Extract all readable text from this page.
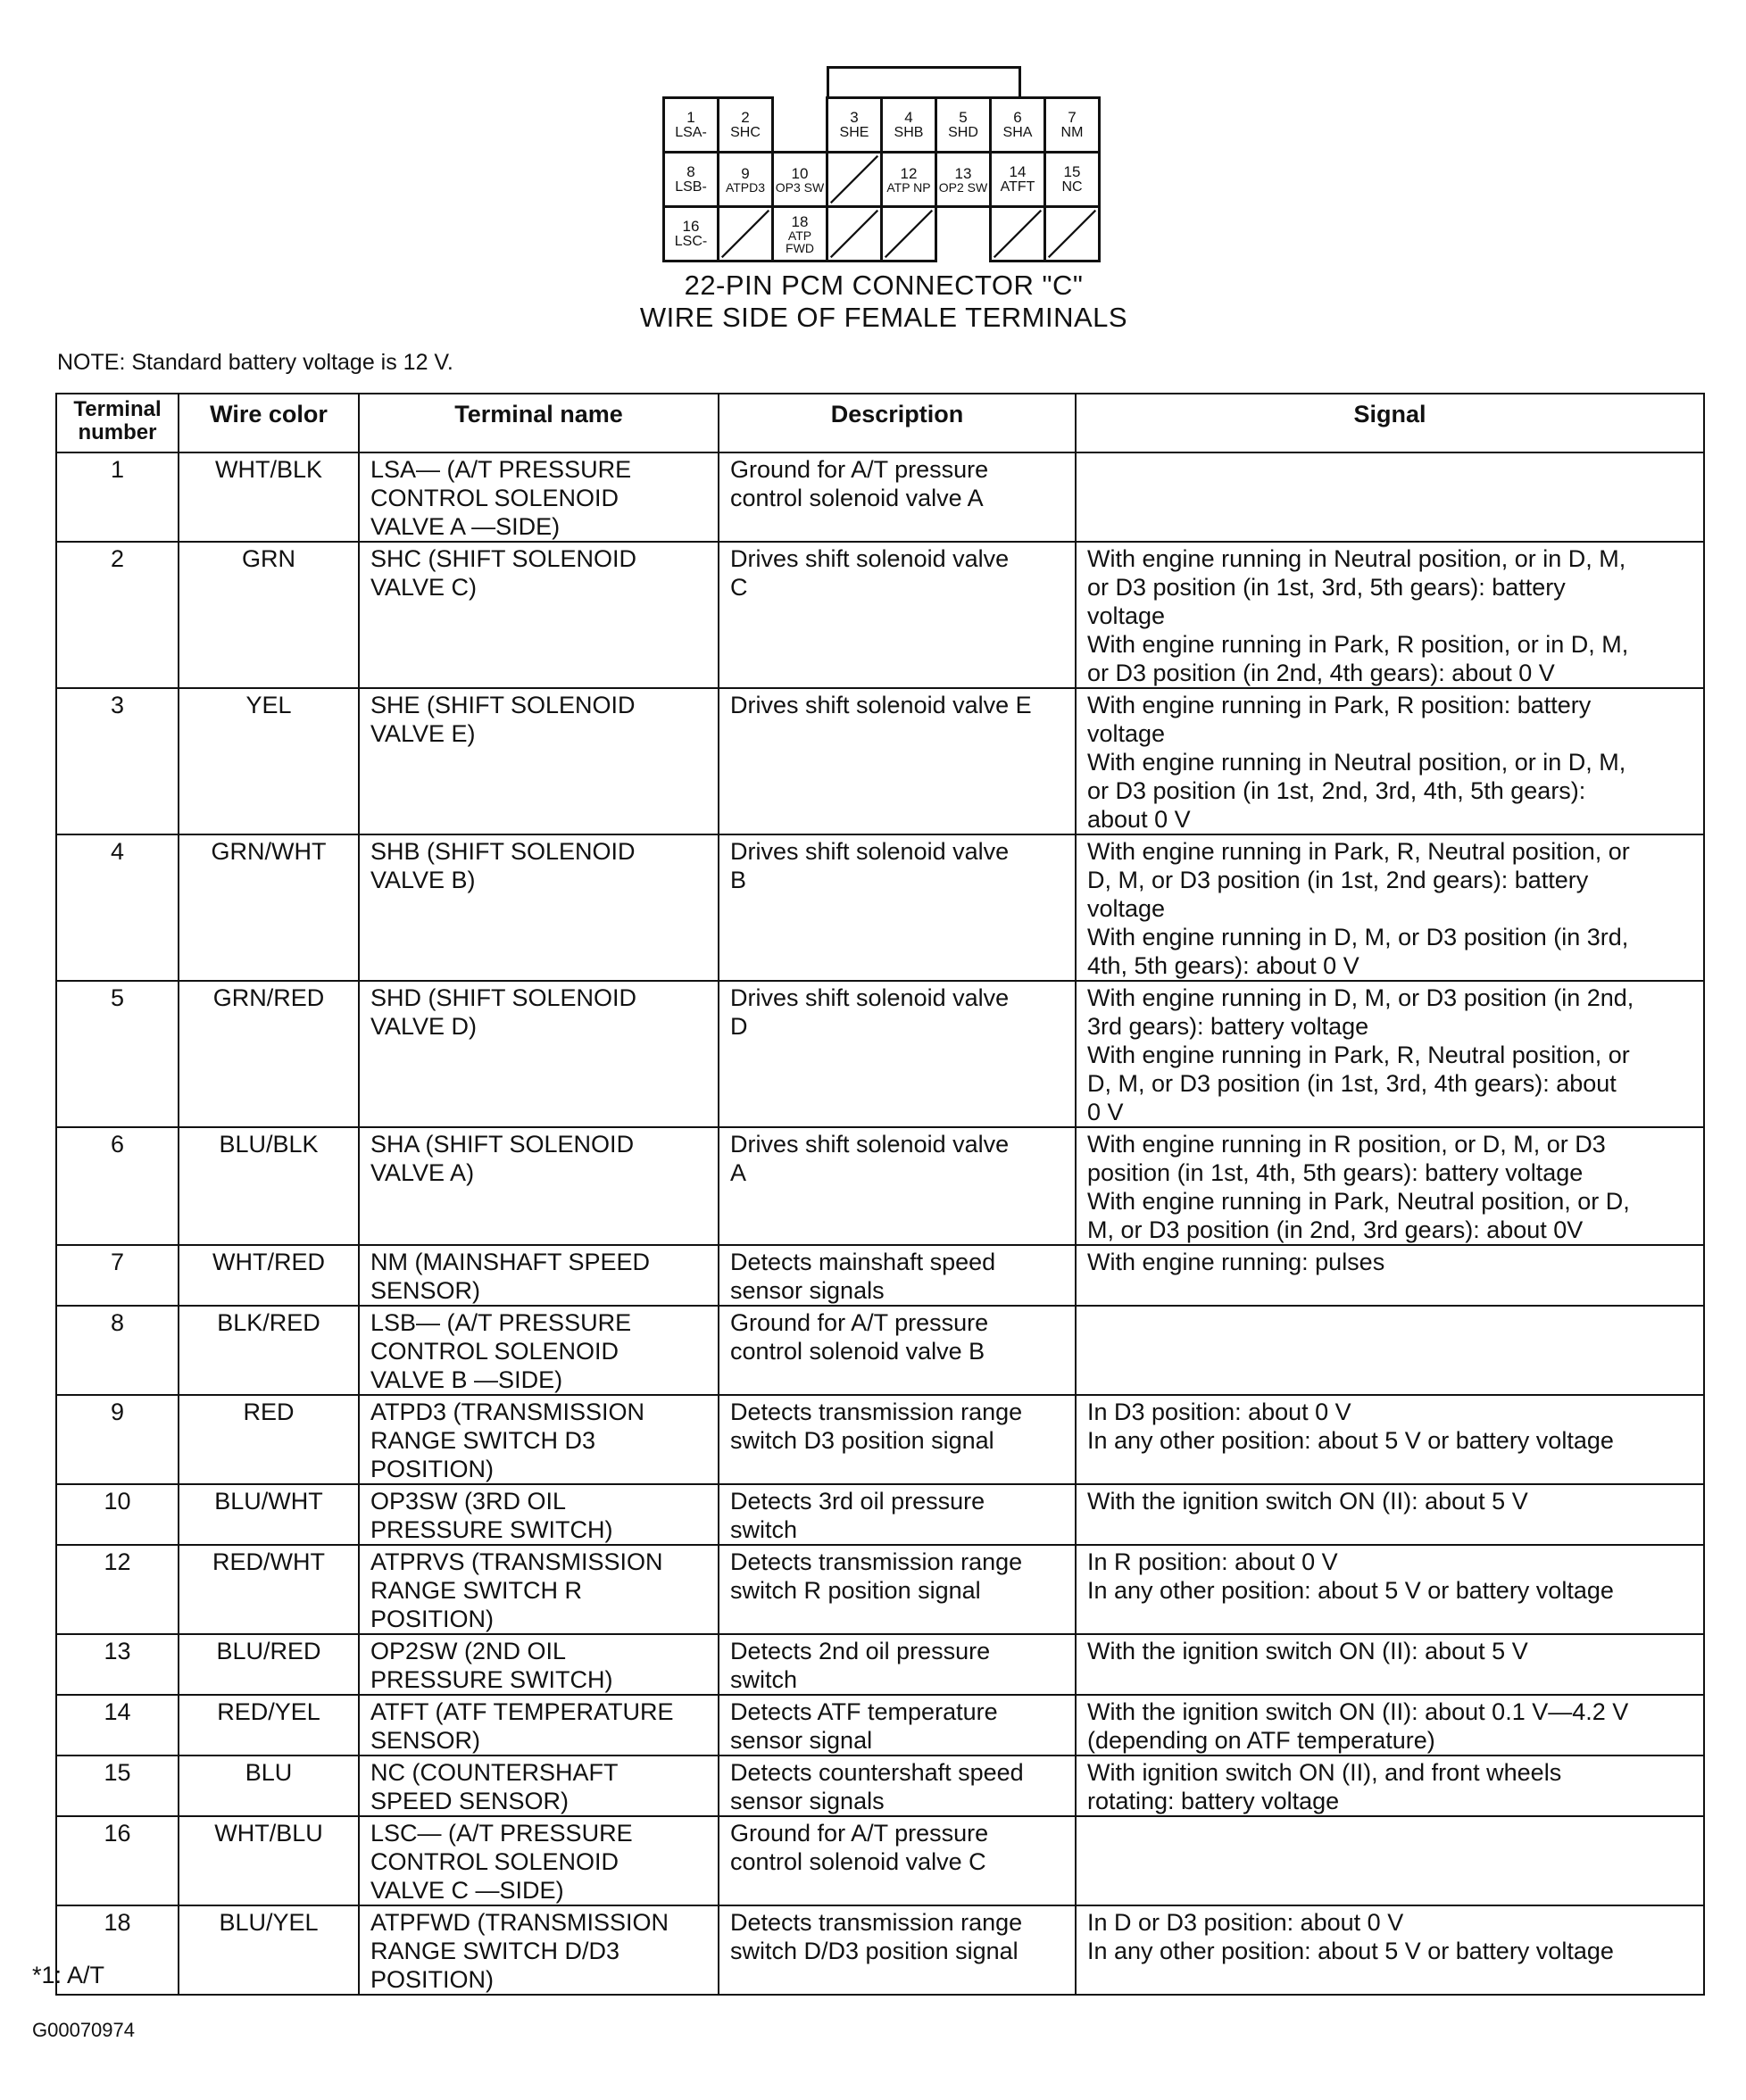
1
LSA-
2
SHC
3
SHE
4
SHB
5
SHD
6
SHA
7
NM
8
LSB-
9
ATPD3
10
OP3 SW
12
ATP NP
13
OP2 SW
14
ATFT
15
NC
16
LSC-
18
ATP FWD
22-PIN PCM CONNECTOR "C"
WIRE SIDE OF FEMALE TERMINALS
NOTE: Standard battery voltage is 12 V.
Terminal number	Wire color	Terminal name	Description	Signal
1	WHT/BLK	LSA— (A/T PRESSURE
CONTROL SOLENOID
VALVE A —SIDE)	Ground for A/T pressure
control solenoid valve A	

2	GRN	SHC (SHIFT SOLENOID
VALVE C)	Drives shift solenoid valve
C	With engine running in Neutral position, or in D, M,
or D3 position (in 1st, 3rd, 5th gears): battery
voltage
With engine running in Park, R position, or in D, M,
or D3 position (in 2nd, 4th gears): about 0 V

3	YEL	SHE (SHIFT SOLENOID
VALVE E)	Drives shift solenoid valve E	With engine running in Park, R position: battery
voltage
With engine running in Neutral position, or in D, M,
or D3 position (in 1st, 2nd, 3rd, 4th, 5th gears):
about 0 V

4	GRN/WHT	SHB (SHIFT SOLENOID
VALVE B)	Drives shift solenoid valve
B	With engine running in Park, R, Neutral position, or
D, M, or D3 position (in 1st, 2nd gears): battery
voltage
With engine running in D, M, or D3 position (in 3rd,
4th, 5th gears): about 0 V

5	GRN/RED	SHD (SHIFT SOLENOID
VALVE D)	Drives shift solenoid valve
D	With engine running in D, M, or D3 position (in 2nd,
3rd gears): battery voltage
With engine running in Park, R, Neutral position, or
D, M, or D3 position (in 1st, 3rd, 4th gears): about
0 V

6	BLU/BLK	SHA (SHIFT SOLENOID
VALVE A)	Drives shift solenoid valve
A	With engine running in R position, or D, M, or D3
position (in 1st, 4th, 5th gears): battery voltage
With engine running in Park, Neutral position, or D,
M, or D3 position (in 2nd, 3rd gears): about 0V

7	WHT/RED	NM (MAINSHAFT SPEED
SENSOR)	Detects mainshaft speed
sensor signals	With engine running: pulses

8	BLK/RED	LSB— (A/T PRESSURE
CONTROL SOLENOID
VALVE B —SIDE)	Ground for A/T pressure
control solenoid valve B	

9	RED	ATPD3 (TRANSMISSION
RANGE SWITCH D3
POSITION)	Detects transmission range
switch D3 position signal	In D3 position: about 0 V
In any other position: about 5 V or battery voltage

10	BLU/WHT	OP3SW (3RD OIL
PRESSURE SWITCH)	Detects 3rd oil pressure
switch	With the ignition switch ON (II): about 5 V

12	RED/WHT	ATPRVS (TRANSMISSION
RANGE SWITCH R
POSITION)	Detects transmission range
switch R position signal	In R position: about 0 V
In any other position: about 5 V or battery voltage

13	BLU/RED	OP2SW (2ND OIL
PRESSURE SWITCH)	Detects 2nd oil pressure
switch	With the ignition switch ON (II): about 5 V

14	RED/YEL	ATFT (ATF TEMPERATURE
SENSOR)	Detects ATF temperature
sensor signal	With the ignition switch ON (II): about 0.1 V—4.2 V
(depending on ATF temperature)

15	BLU	NC (COUNTERSHAFT
SPEED SENSOR)	Detects countershaft speed
sensor signals	With ignition switch ON (II), and front wheels
rotating: battery voltage

16	WHT/BLU	LSC— (A/T PRESSURE
CONTROL SOLENOID
VALVE C —SIDE)	Ground for A/T pressure
control solenoid valve C	

18	BLU/YEL	ATPFWD (TRANSMISSION
RANGE SWITCH D/D3
POSITION)	Detects transmission range
switch D/D3 position signal	In D or D3 position: about 0 V
In any other position: about 5 V or battery voltage
*1: A/T
G00070974
